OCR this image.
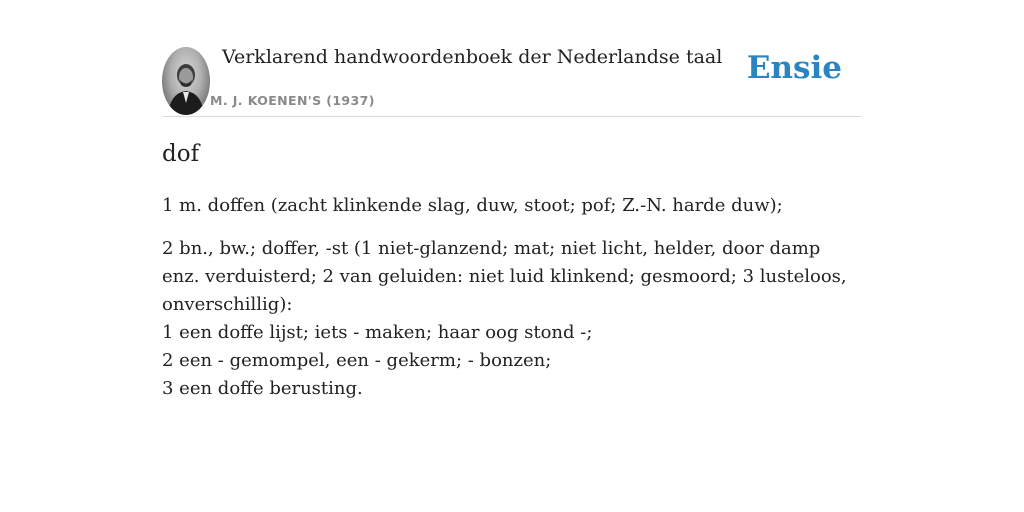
Verklarend handwoordenboek der Nederlandse taal
M. J. KOENEN'S (1937)
Ensie
dof

1 m. doffen (zacht klinkende slag, duw, stoot; pof; Z.-N. harde duw);

2 bn., bw.; doffer, -st (1 niet-glanzend; mat; niet licht, helder, door damp enz. verduisterd; 2 van geluiden: niet luid klinkend; gesmoord; 3 lusteloos, onverschillig):
1 een doffe lijst; iets - maken; haar oog stond -;
2 een - gemompel, een - gekerm; - bonzen;
3 een doffe berusting.
